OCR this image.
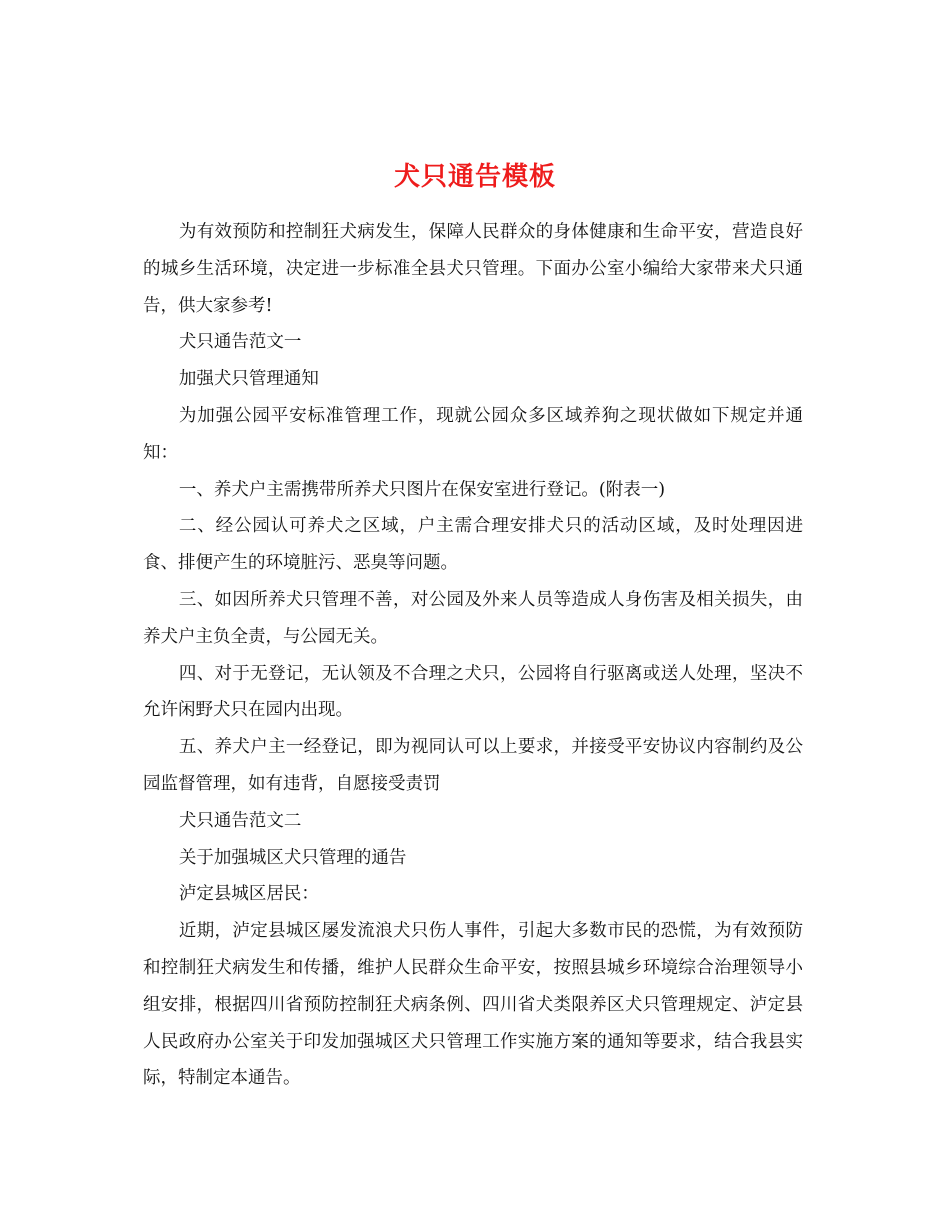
犬只通告模板

为有效预防和控制狂犬病发生，保障人民群众的身体健康和生命平安，营造良好的城乡生活环境，决定进一步标准全县犬只管理。下面办公室小编给大家带来犬只通告，供大家参考!

犬只通告范文一

加强犬只管理通知

为加强公园平安标准管理工作，现就公园众多区域养狗之现状做如下规定并通知：

一、养犬户主需携带所养犬只图片在保安室进行登记。(附表一)

二、经公园认可养犬之区域，户主需合理安排犬只的活动区域，及时处理因进食、排便产生的环境脏污、恶臭等问题。

三、如因所养犬只管理不善，对公园及外来人员等造成人身伤害及相关损失，由养犬户主负全责，与公园无关。

四、对于无登记，无认领及不合理之犬只，公园将自行驱离或送人处理，坚决不允许闲野犬只在园内出现。

五、养犬户主一经登记，即为视同认可以上要求，并接受平安协议内容制约及公园监督管理，如有违背，自愿接受责罚

犬只通告范文二

关于加强城区犬只管理的通告

泸定县城区居民：

近期，泸定县城区屡发流浪犬只伤人事件，引起大多数市民的恐慌，为有效预防和控制狂犬病发生和传播，维护人民群众生命平安，按照县城乡环境综合治理领导小组安排，根据四川省预防控制狂犬病条例、四川省犬类限养区犬只管理规定、泸定县人民政府办公室关于印发加强城区犬只管理工作实施方案的通知等要求，结合我县实际，特制定本通告。
